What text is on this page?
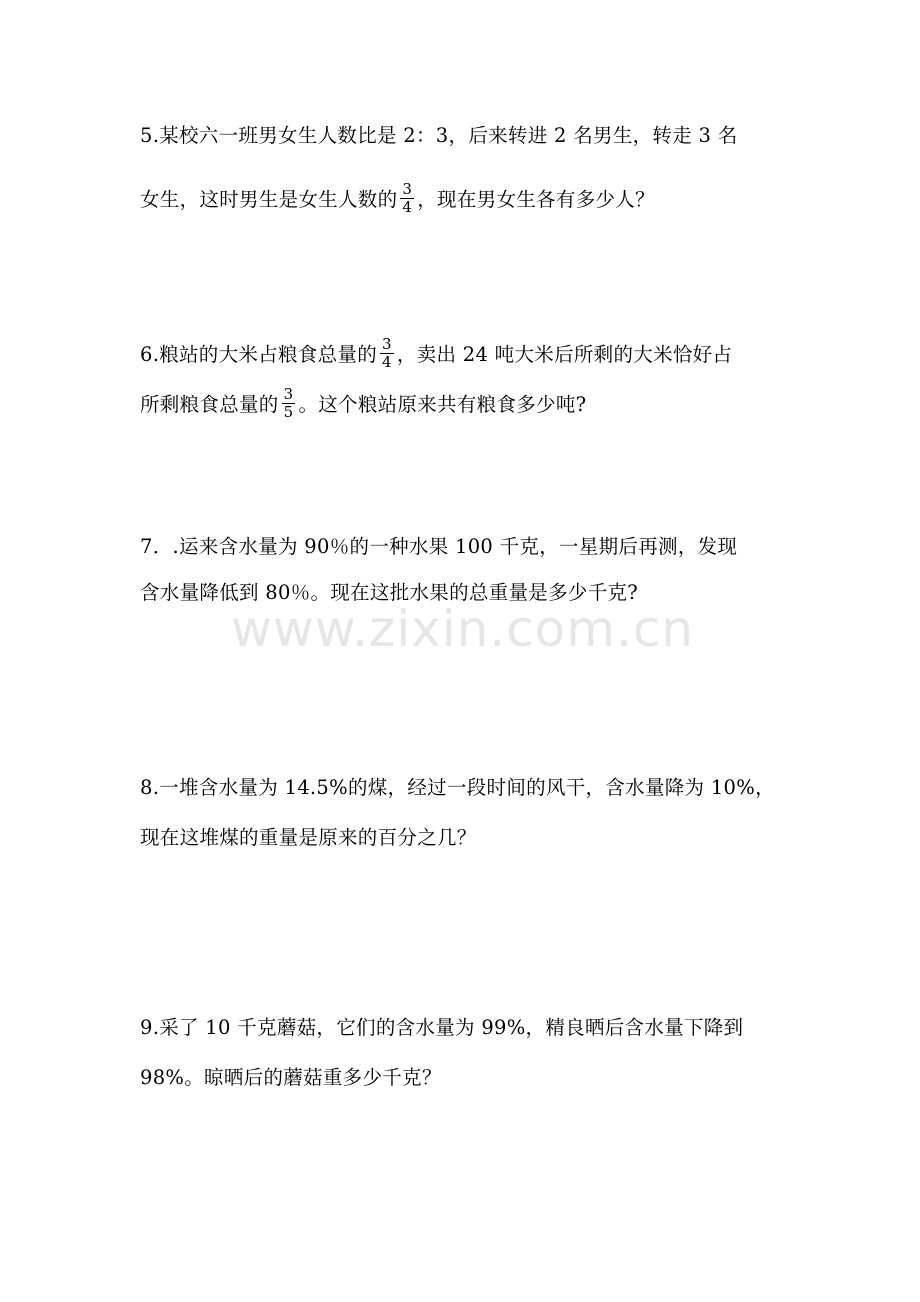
www.zixin.com.cn
5.某校六一班男女生人数比是 2：3，后来转进 2 名男生，转走 3 名
女生，这时男生是女生人数的 $\frac{3}{4}$ ，现在男女生各有多少人？
6.粮站的大米占粮食总量的 $\frac{3}{4}$ ，卖出 24 吨大米后所剩的大米恰好占
所剩粮食总量的 $\frac{3}{5}$ 。这个粮站原来共有粮食多少吨?
7．.运来含水量为 90％的一种水果 100 千克，一星期后再测，发现
含水量降低到 80％。现在这批水果的总重量是多少千克?
8.一堆含水量为 14.5%的煤，经过一段时间的风干，含水量降为 10%，
现在这堆煤的重量是原来的百分之几？
9.采了 10 千克蘑菇，它们的含水量为 99%，精良晒后含水量下降到
98%。晾晒后的蘑菇重多少千克？
